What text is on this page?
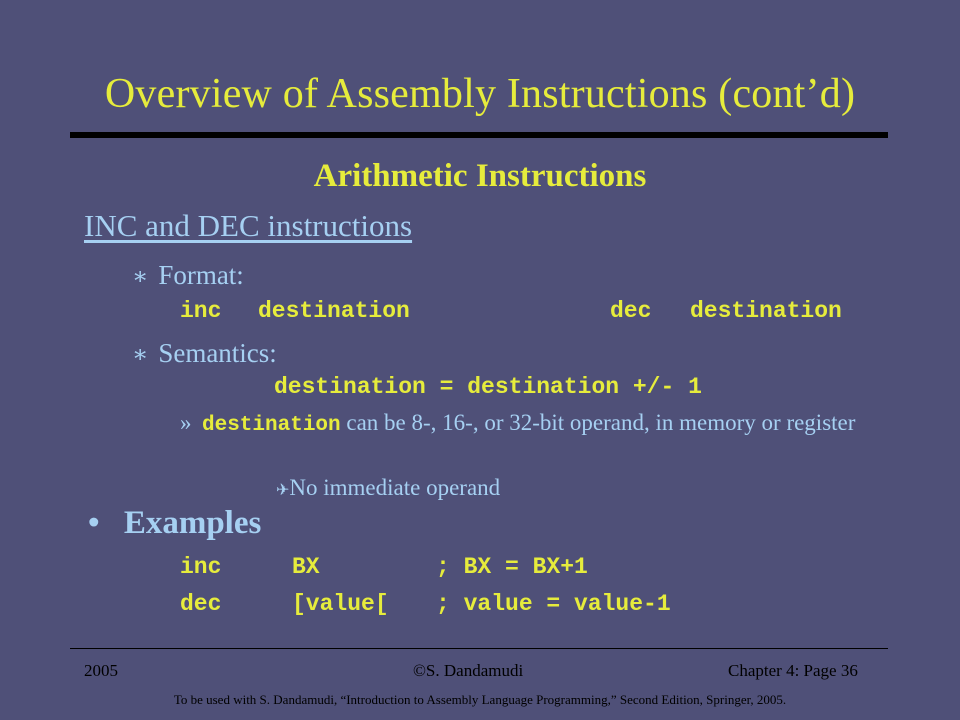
Overview of Assembly Instructions (cont’d)
Arithmetic Instructions
INC and DEC instructions
∗ Format:
inc destination	dec destination
∗ Semantics:
destination = destination +/- 1
» destination can be 8-, 16-, or 32-bit operand, in memory or register
✈No immediate operand
• Examples
inc	BX	; BX = BX+1
dec	[value[ ; value = value-1
2005	©S. Dandamudi	Chapter 4: Page 36
To be used with S. Dandamudi, “Introduction to Assembly Language Programming,” Second Edition, Springer, 2005.
